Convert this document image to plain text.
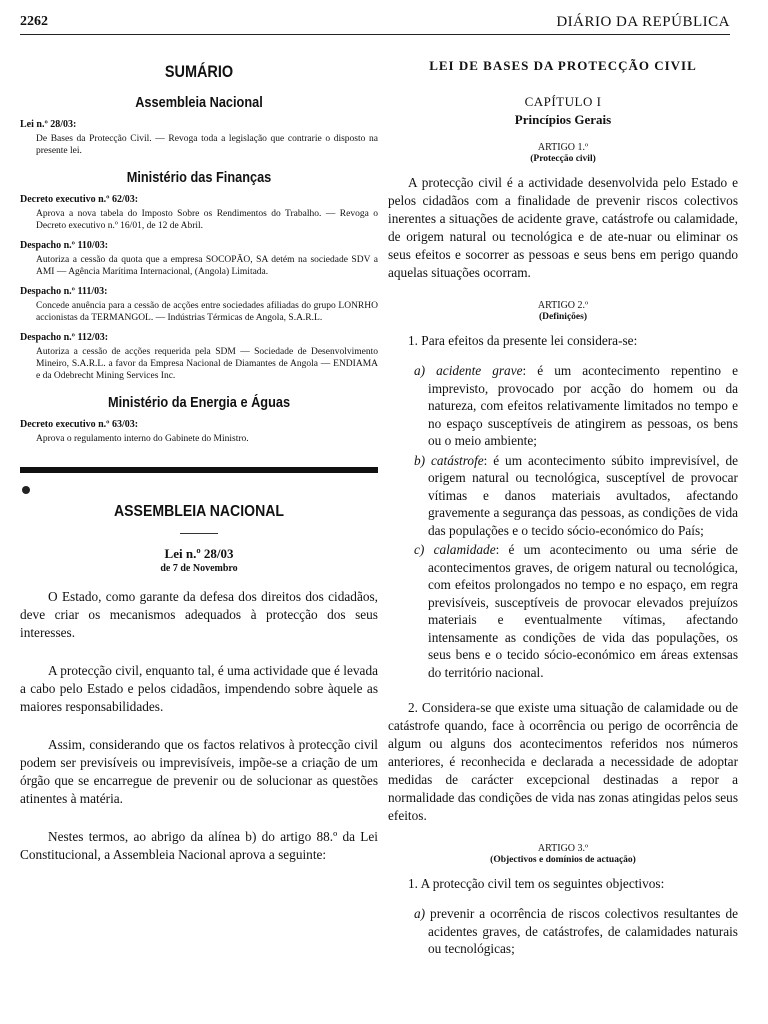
2262	DIÁRIO DA REPÚBLICA
SUMÁRIO
Assembleia Nacional
Lei n.º 28/03:
De Bases da Protecção Civil. — Revoga toda a legislação que contrarie o disposto na presente lei.
Ministério das Finanças
Decreto executivo n.º 62/03:
Aprova a nova tabela do Imposto Sobre os Rendimentos do Trabalho. — Revoga o Decreto executivo n.º 16/01, de 12 de Abril.
Despacho n.º 110/03:
Autoriza a cessão da quota que a empresa SOCOPÃO, SA detém na sociedade SDV a AMI — Agência Marítima Internacional, (Angola) Limitada.
Despacho n.º 111/03:
Concede anuência para a cessão de acções entre sociedades afiliadas do grupo LONRHO accionistas da TERMANGOL. — Indústrias Térmicas de Angola, S.A.R.L.
Despacho n.º 112/03:
Autoriza a cessão de acções requerida pela SDM — Sociedade de Desenvolvimento Mineiro, S.A.R.L. a favor da Empresa Nacional de Diamantes de Angola — ENDIAMA e da Odebrecht Mining Services Inc.
Ministério da Energia e Águas
Decreto executivo n.º 63/03:
Aprova o regulamento interno do Gabinete do Ministro.
ASSEMBLEIA NACIONAL
Lei n.º 28/03
de 7 de Novembro

O Estado, como garante da defesa dos direitos dos cidadãos, deve criar os mecanismos adequados à protecção dos seus interesses.

A protecção civil, enquanto tal, é uma actividade que é levada a cabo pelo Estado e pelos cidadãos, impendendo sobre àquele as maiores responsabilidades.

Assim, considerando que os factos relativos à protecção civil podem ser previsíveis ou imprevisíveis, impõe-se a criação de um órgão que se encarregue de prevenir ou de solucionar as questões atinentes à matéria.

Nestes termos, ao abrigo da alínea b) do artigo 88.º da Lei Constitucional, a Assembleia Nacional aprova a seguinte:

LEI DE BASES DA PROTECÇÃO CIVIL
CAPÍTULO I
Princípios Gerais
ARTIGO 1.º
(Protecção civil)

A protecção civil é a actividade desenvolvida pelo Estado e pelos cidadãos com a finalidade de prevenir riscos colectivos inerentes a situações de acidente grave, catástrofe ou calamidade, de origem natural ou tecnológica e de ate-nuar ou eliminar os seus efeitos e socorrer as pessoas e seus bens em perigo quando aquelas situações ocorram.

ARTIGO 2.º
(Definições)
1. Para efeitos da presente lei considera-se:
a) acidente grave: é um acontecimento repentino e imprevisto, provocado por acção do homem ou da natureza, com efeitos relativamente limitados no tempo e no espaço susceptíveis de atingirem as pessoas, os bens ou o meio ambiente;
b) catástrofe: é um acontecimento súbito imprevisível, de origem natural ou tecnológica, susceptível de provocar vítimas e danos materiais avultados, afectando gravemente a segurança das pessoas, as condições de vida das populações e o tecido sócio-económico do País;
c) calamidade: é um acontecimento ou uma série de acontecimentos graves, de origem natural ou tecnológica, com efeitos prolongados no tempo e no espaço, em regra previsíveis, susceptíveis de provocar elevados prejuízos materiais e eventualmente vítimas, afectando intensamente as condições de vida das populações, os seus bens e o tecido sócio-económico em áreas extensas do território nacional.

2. Considera-se que existe uma situação de calamidade ou de catástrofe quando, face à ocorrência ou perigo de ocorrência de algum ou alguns dos acontecimentos referidos nos números anteriores, é reconhecida e declarada a necessidade de adoptar medidas de carácter excepcional destinadas a repor a normalidade das condições de vida nas zonas atingidas pelos seus efeitos.

ARTIGO 3.º
(Objectivos e domínios de actuação)
1. A protecção civil tem os seguintes objectivos:
a) prevenir a ocorrência de riscos colectivos resultantes de acidentes graves, de catástrofes, de calamidades naturais ou tecnológicas;
